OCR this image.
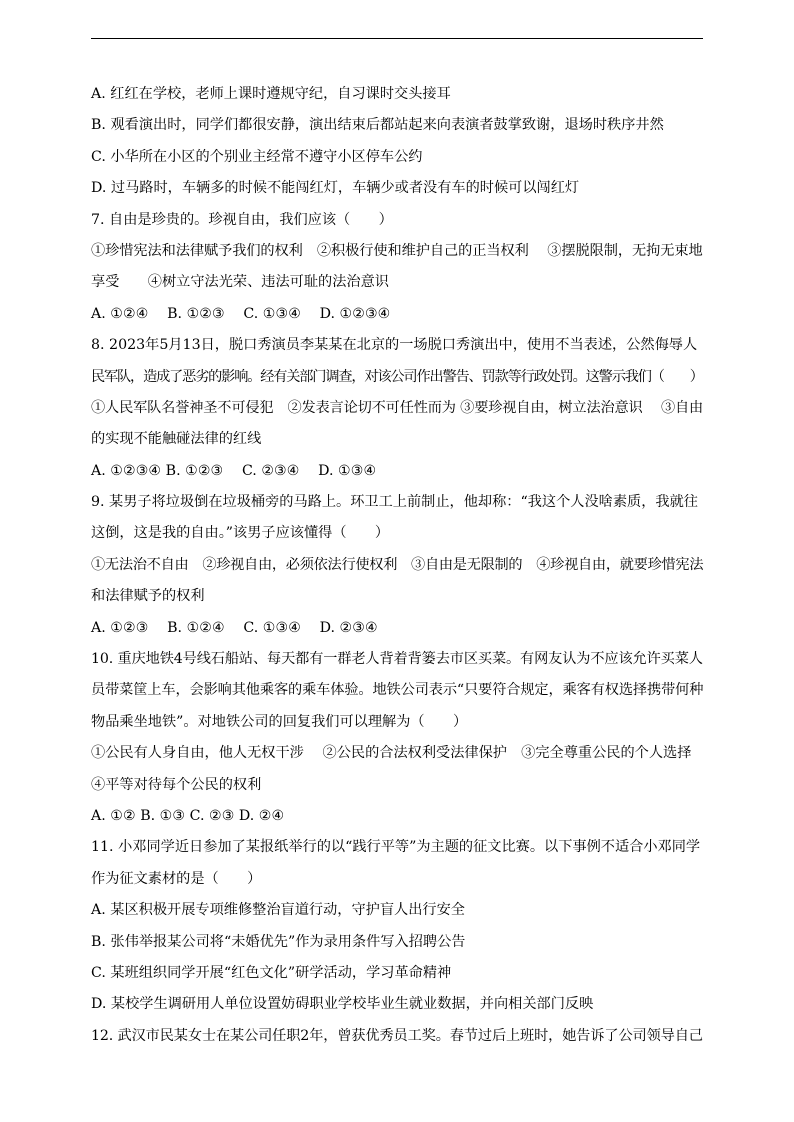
A. 红红在学校，老师上课时遵规守纪，自习课时交头接耳
B. 观看演出时，同学们都很安静，演出结束后都站起来向表演者鼓掌致谢，退场时秩序井然
C. 小华所在小区的个别业主经常不遵守小区停车公约
D. 过马路时，车辆多的时候不能闯红灯，车辆少或者没有车的时候可以闯红灯
7. 自由是珍贵的。珍视自由，我们应该（　　）
①珍惜宪法和法律赋予我们的权利　②积极行使和维护自己的正当权利　 ③摆脱限制，无拘无束地
享受　　④树立守法光荣、违法可耻的法治意识
A. ①②④　 B. ①②③　 C. ①③④　 D. ①②③④
8. 2023年5月13日，脱口秀演员李某某在北京的一场脱口秀演出中，使用不当表述，公然侮辱人
民军队，造成了恶劣的影响。经有关部门调查，对该公司作出警告、罚款等行政处罚。这警示我们（　　）
①人民军队名誉神圣不可侵犯　②发表言论切不可任性而为 ③要珍视自由，树立法治意识　 ③自由
的实现不能触碰法律的红线
A. ①②③④ B. ①②③　 C. ②③④　 D. ①③④
9. 某男子将垃圾倒在垃圾桶旁的马路上。环卫工上前制止，他却称：“我这个人没啥素质，我就往
这倒，这是我的自由。”该男子应该懂得（　　）
①无法治不自由　②珍视自由，必须依法行使权利　③自由是无限制的　④珍视自由，就要珍惜宪法
和法律赋予的权利
A. ①②③　 B. ①②④　 C. ①③④　 D. ②③④
10. 重庆地铁4号线石船站、每天都有一群老人背着背篓去市区买菜。有网友认为不应该允许买菜人
员带菜筐上车，会影响其他乘客的乘车体验。地铁公司表示“只要符合规定，乘客有权选择携带何种
物品乘坐地铁”。对地铁公司的回复我们可以理解为（　　）
①公民有人身自由，他人无权干涉　 ②公民的合法权利受法律保护　③完全尊重公民的个人选择
④平等对待每个公民的权利
A. ①② B. ①③ C. ②③ D. ②④
11. 小邓同学近日参加了某报纸举行的以“践行平等”为主题的征文比赛。以下事例不适合小邓同学
作为征文素材的是（　　）
A. 某区积极开展专项维修整治盲道行动，守护盲人出行安全
B. 张伟举报某公司将“未婚优先”作为录用条件写入招聘公告
C. 某班组织同学开展“红色文化”研学活动，学习革命精神
D. 某校学生调研用人单位设置妨碍职业学校毕业生就业数据，并向相关部门反映
12. 武汉市民某女士在某公司任职2年，曾获优秀员工奖。春节过后上班时，她告诉了公司领导自己
